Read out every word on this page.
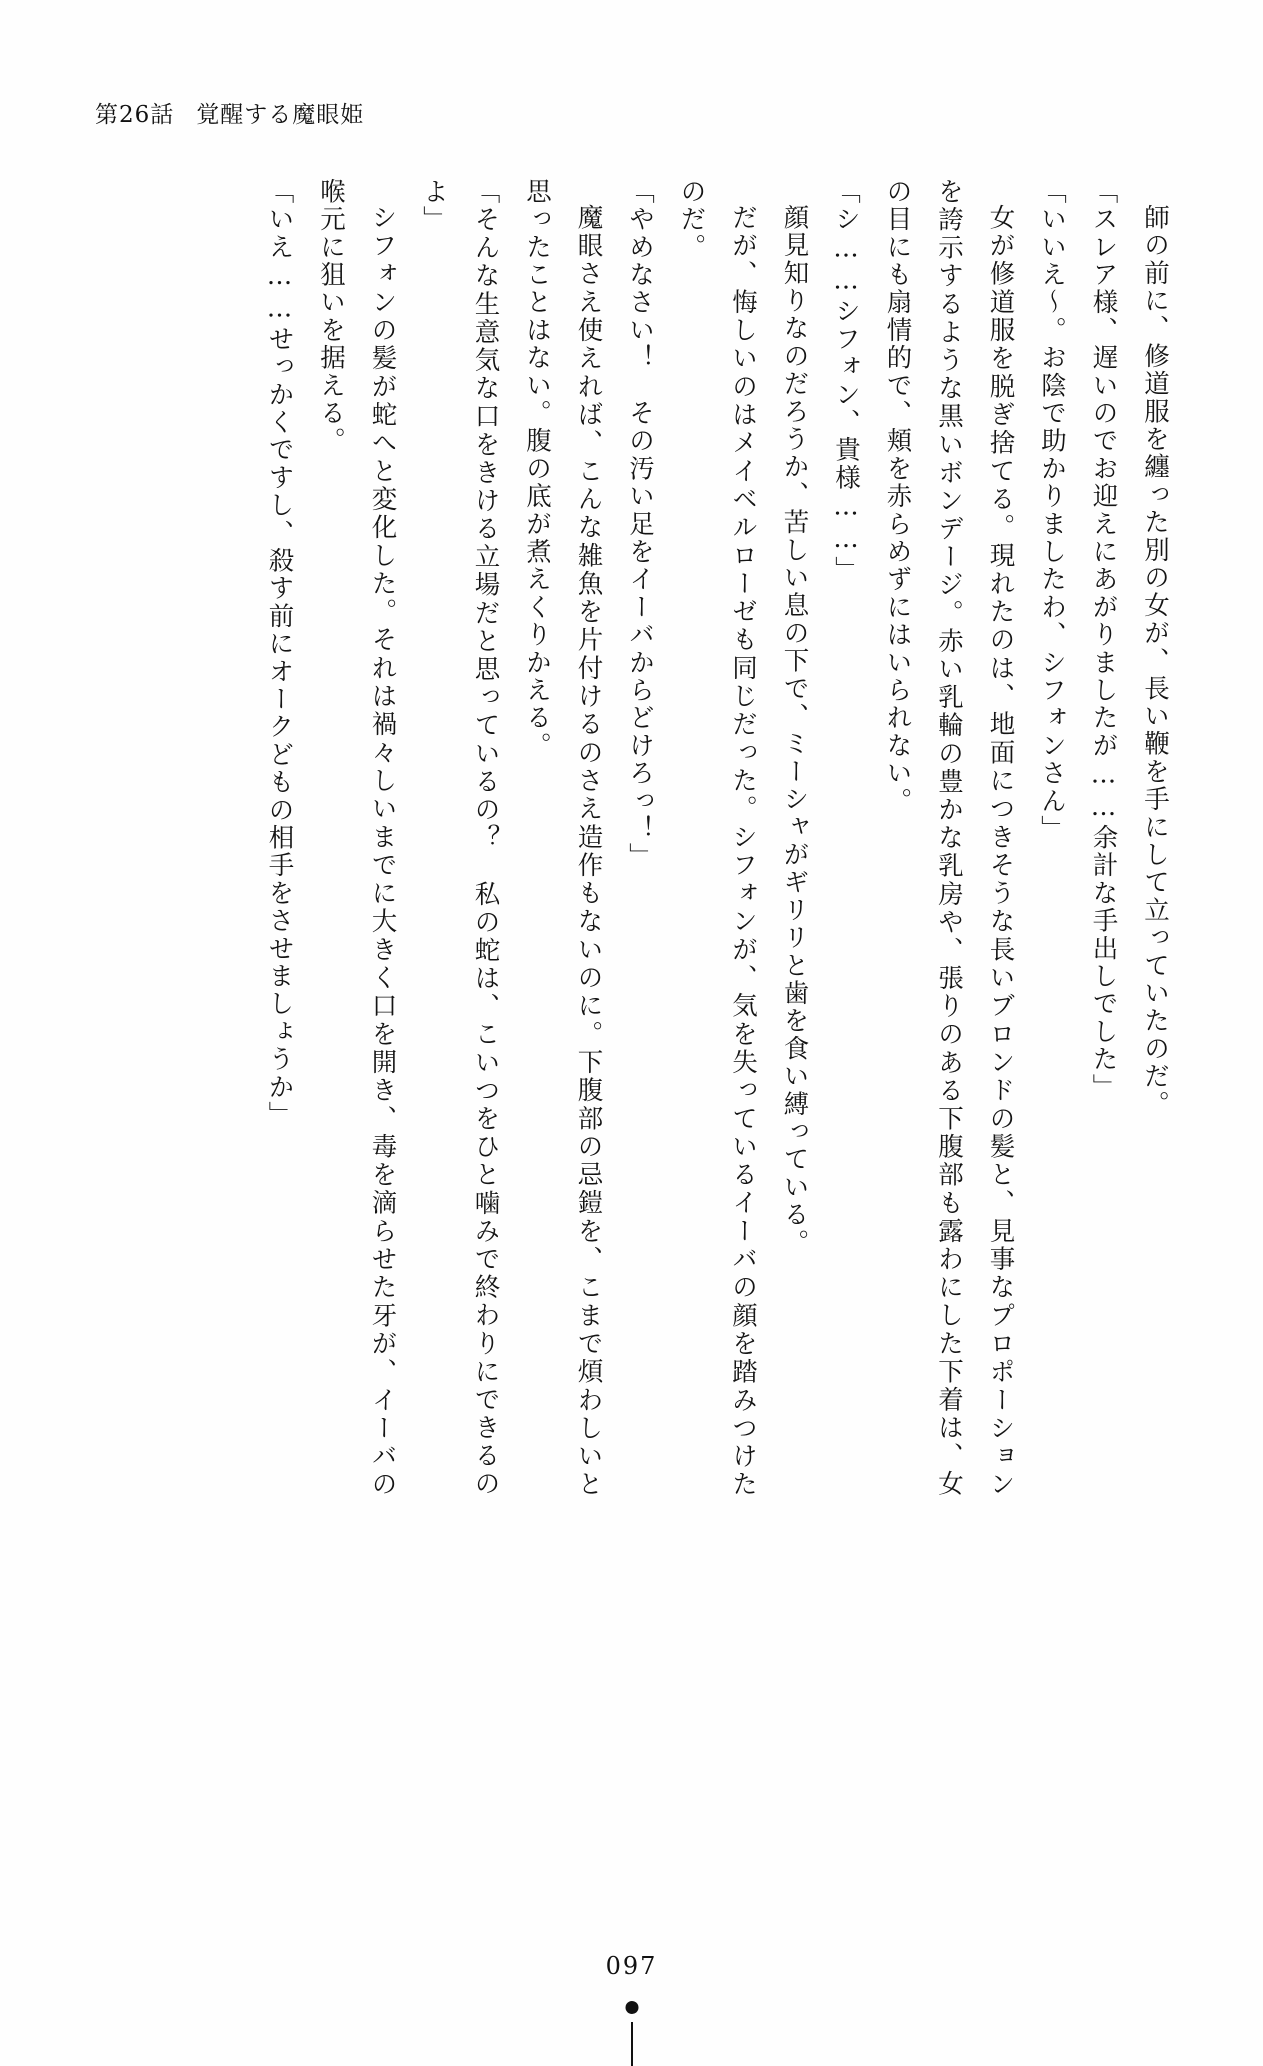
第26話 覚醒する魔眼姫

師の前に、修道服を纏った別の女が、長い鞭を手にして立っていたのだ。

「スレア様、遅いのでお迎えにあがりましたが……余計な手出しでした」

「いいえ～。お陰で助かりましたわ、シフォンさん」

女が修道服を脱ぎ捨てる。現れたのは、地面につきそうな長いブロンドの髪と、見事なプロポーションを誇示するような黒いボンデージ。赤い乳輪の豊かな乳房や、張りのある下腹部も露わにした下着は、女の目にも扇情的で、頬を赤らめずにはいられない。

「シ……シフォン、貴様……」

顔見知りなのだろうか、苦しい息の下で、ミーシャがギリリと歯を食い縛っている。

だが、悔しいのはメイベルローゼも同じだった。シフォンが、気を失っているイーバの顔を踏みつけたのだ。

「やめなさい！　その汚い足をイーバからどけろっ！」

魔眼さえ使えれば、こんな雑魚を片付けるのさえ造作もないのに。下腹部の忌鎧を、こまで煩わしいと思ったことはない。腹の底が煮えくりかえる。

「そんな生意気な口をきける立場だと思っているの？　私の蛇は、こいつをひと噛みで終わりにできるのよ」

シフォンの髪が蛇へと変化した。それは禍々しいまでに大きく口を開き、毒を滴らせた牙が、イーバの喉元に狙いを据える。

「いえ……せっかくですし、殺す前にオークどもの相手をさせましょうか」

097
